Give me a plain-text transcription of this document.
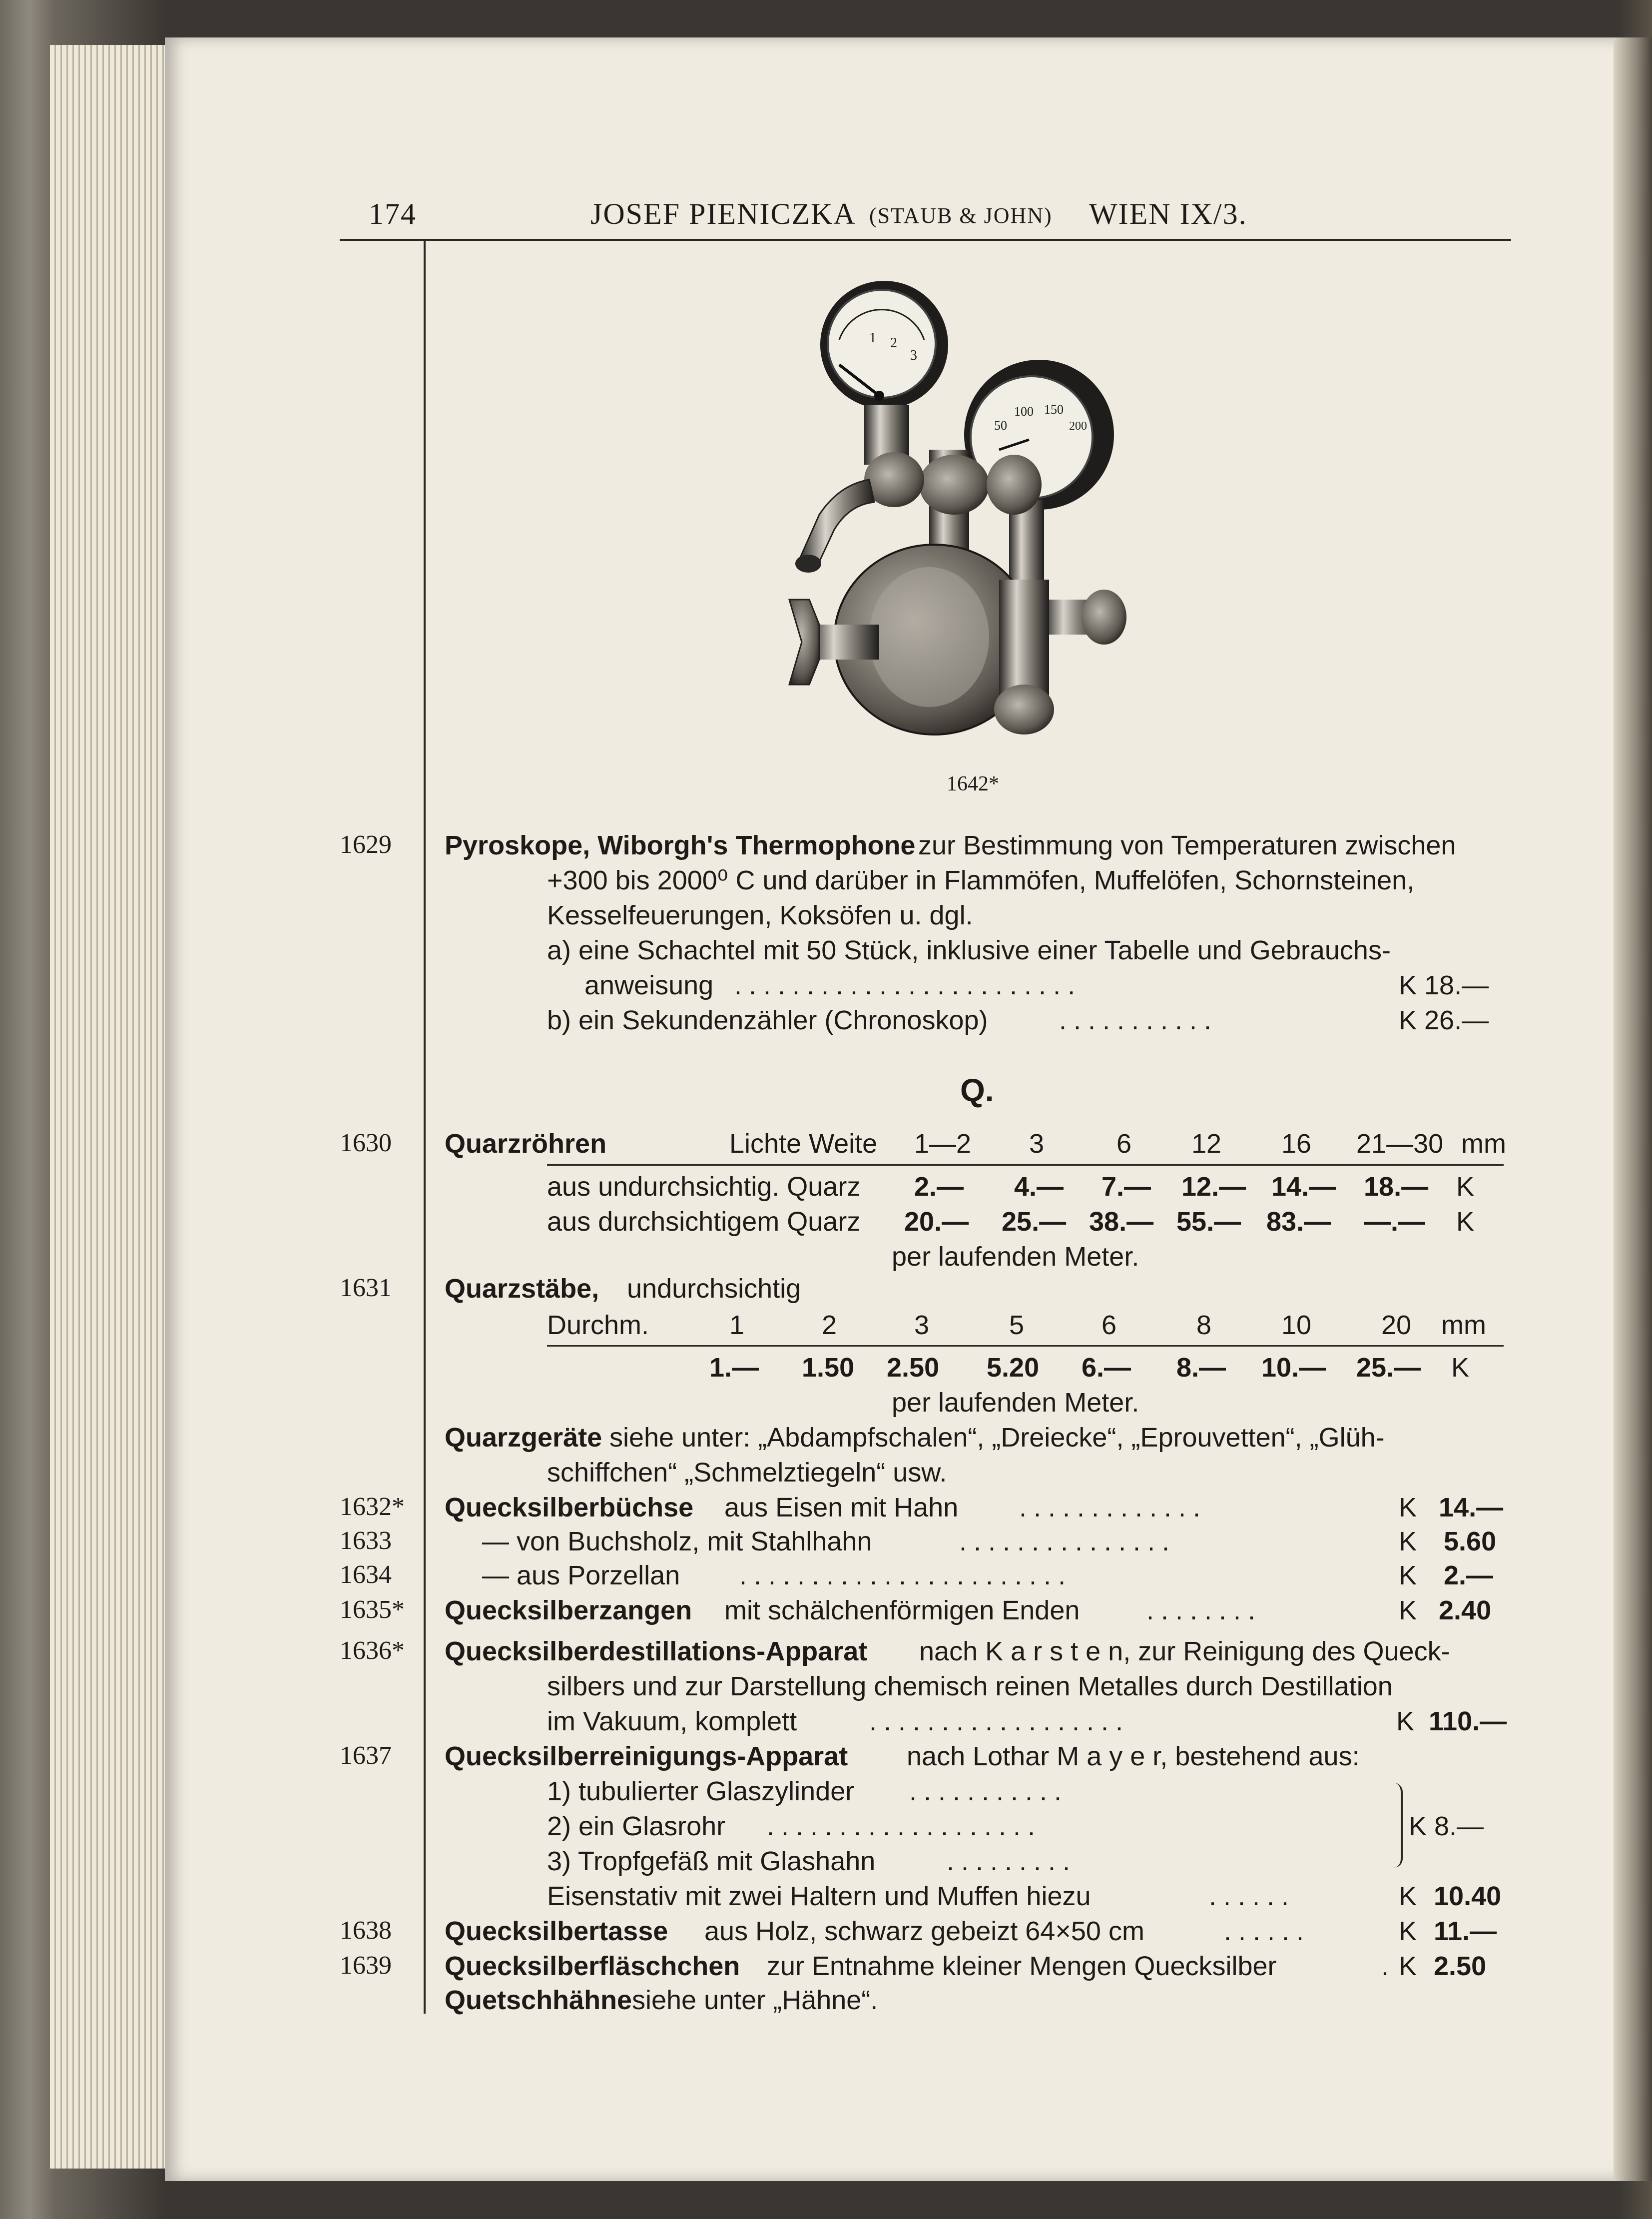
174	JOSEF PIENICZKA (STAUB & JOHN) WIEN IX/3.
50
100 150
200
1 2
3
1642*
1629 Pyroskope, Wiborgh's Thermophone zur Bestimmung von Temperaturen zwischen
+300 bis 2000⁰ C und darüber in Flammöfen, Muffelöfen, Schornsteinen,
Kesselfeuerungen, Koksöfen u. dgl.
a) eine Schachtel mit 50 Stück, inklusive einer Tabelle und Gebrauchs-
anweisung ........................	K 18.—
b) ein Sekundenzähler (Chronoskop)	...........	K 26.—
Q.
1630 Quarzröhren	Lichte Weite 1—2 3	6 12 16 21—30 mm
aus undurchsichtig. Quarz 2.— 4.— 7.— 12.— 14.— 18.— K
aus durchsichtigem Quarz 20.— 25.— 38.— 55.— 83.— —.— K
per laufenden Meter.
1631 Quarzstäbe, undurchsichtig
Durchm.	1	2	3	5	6	8	10	20 mm
1.— 1.50 2.50 5.20 6.— 8.— 10.— 25.— K
per laufenden Meter.
Quarzgeräte siehe unter: „Abdampfschalen“, „Dreiecke“, „Eprouvetten“, „Glüh-
schiffchen“ „Schmelztiegeln“ usw.
1632* Quecksilberbüchse aus Eisen mit Hahn .............	K 14.—
1633	— von Buchsholz, mit Stahlhahn	...............	K 5.60
1634	— aus Porzellan .......................	K 2.—
1635* Quecksilberzangen mit schälchenförmigen Enden ........	K 2.40
1636* Quecksilberdestillations-Apparat nach K a r s t e n, zur Reinigung des Queck-
silbers und zur Darstellung chemisch reinen Metalles durch Destillation
im Vakuum, komplett	..................	K 110.—
1637 Quecksilberreinigungs-Apparat nach Lothar M a y e r, bestehend aus:
1) tubulierter Glaszylinder ...........
2) ein Glasrohr ...................
3) Tropfgefäß mit Glashahn	.........
K 8.—
Eisenstativ mit zwei Haltern und Muffen hiezu	......	K 10.40
1638 Quecksilbertasse aus Holz, schwarz gebeizt 64×50 cm	......	K 11.—
1639 Quecksilberfläschchen zur Entnahme kleiner Mengen Quecksilber	. K 2.50
Quetschhähne siehe unter „Hähne“.
